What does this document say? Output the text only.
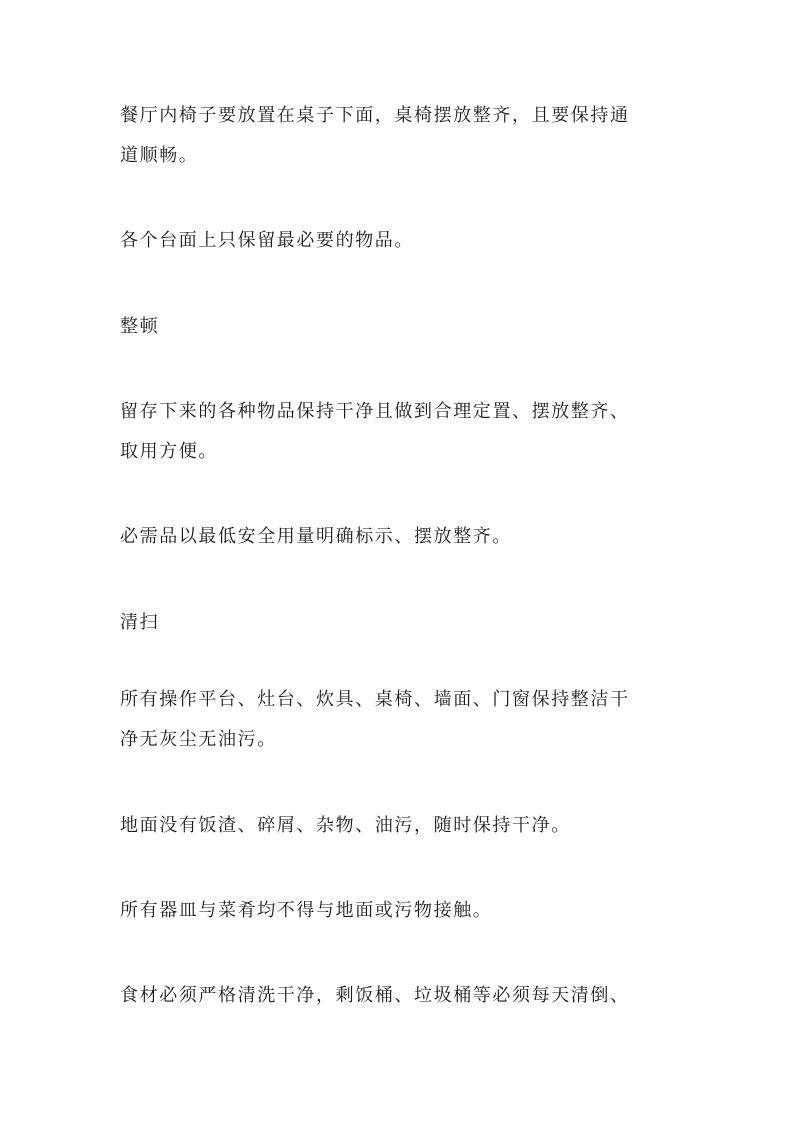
餐厅内椅子要放置在桌子下面，桌椅摆放整齐，且要保持通
道顺畅。

各个台面上只保留最必要的物品。

整顿

留存下来的各种物品保持干净且做到合理定置、摆放整齐、
取用方便。

必需品以最低安全用量明确标示、摆放整齐。

清扫

所有操作平台、灶台、炊具、桌椅、墙面、门窗保持整洁干
净无灰尘无油污。

地面没有饭渣、碎屑、杂物、油污，随时保持干净。

所有器皿与菜肴均不得与地面或污物接触。

食材必须严格清洗干净，剩饭桶、垃圾桶等必须每天清倒、
